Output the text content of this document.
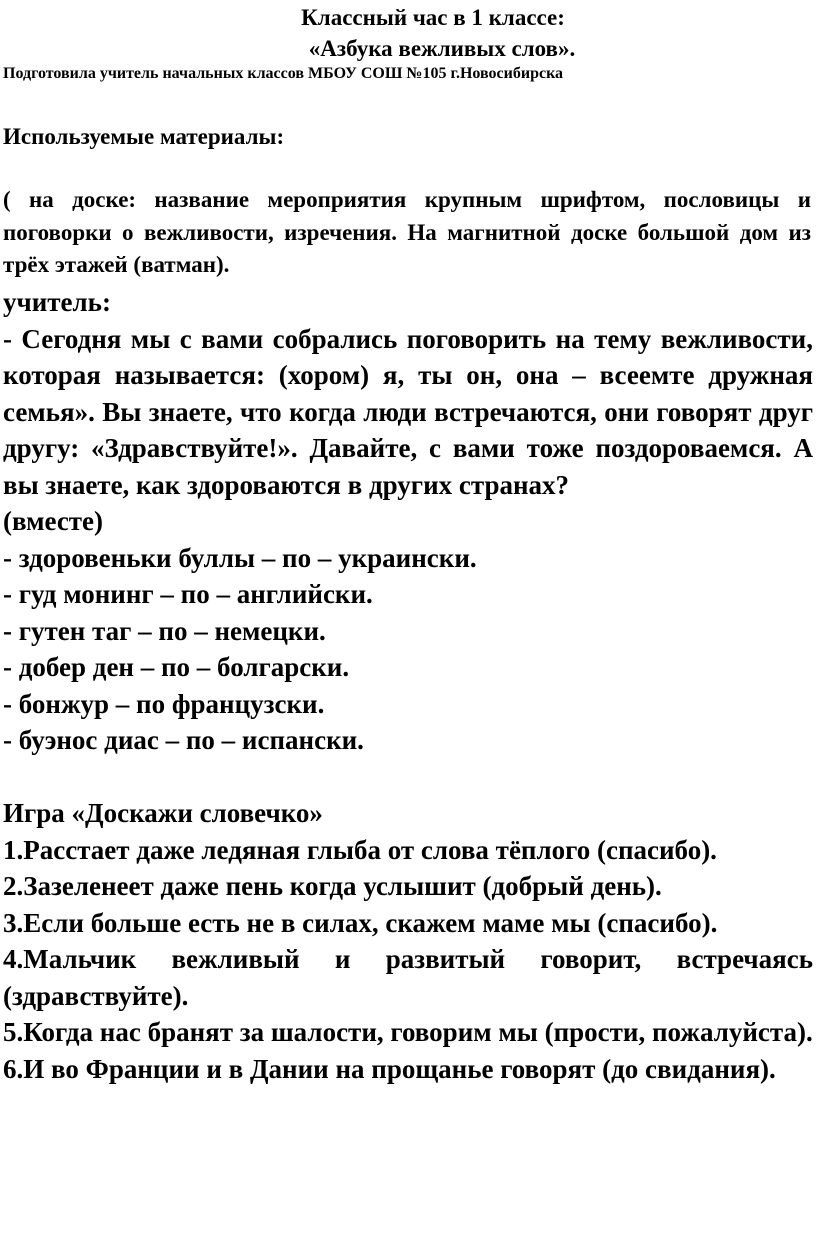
Классный час в 1 классе:
«Азбука вежливых слов».
Подготовила учитель начальных классов МБОУ СОШ №105 г.Новосибирска
Используемые материалы:
( на доске: название мероприятия крупным шрифтом, пословицы и поговорки о вежливости, изречения. На магнитной доске большой дом из трёх этажей (ватман).
учитель:
- Сегодня мы с вами собрались поговорить на тему вежливости, которая называется: (хором) я, ты он, она – всеемте дружная семья». Вы знаете, что когда люди встречаются, они говорят друг другу: «Здравствуйте!». Давайте, с вами тоже поздороваемся. А вы знаете, как здороваются в других странах?
(вместе)
- здоровеньки буллы – по – украински.
- гуд монинг – по – английски.
- гутен таг – по – немецки.
- добер ден – по – болгарски.
- бонжур – по французски.
- буэнос диас – по – испански.
Игра «Доскажи словечко»
1.Расстает даже ледяная глыба от слова тёплого (спасибо).
2.Зазеленеет даже пень когда услышит (добрый день).
3.Если больше есть не в силах, скажем маме мы (спасибо).
4.Мальчик вежливый и развитый говорит, встречаясь (здравствуйте).
5.Когда нас бранят за шалости, говорим мы (прости, пожалуйста).
6.И во Франции и в Дании на прощанье говорят (до свидания).
